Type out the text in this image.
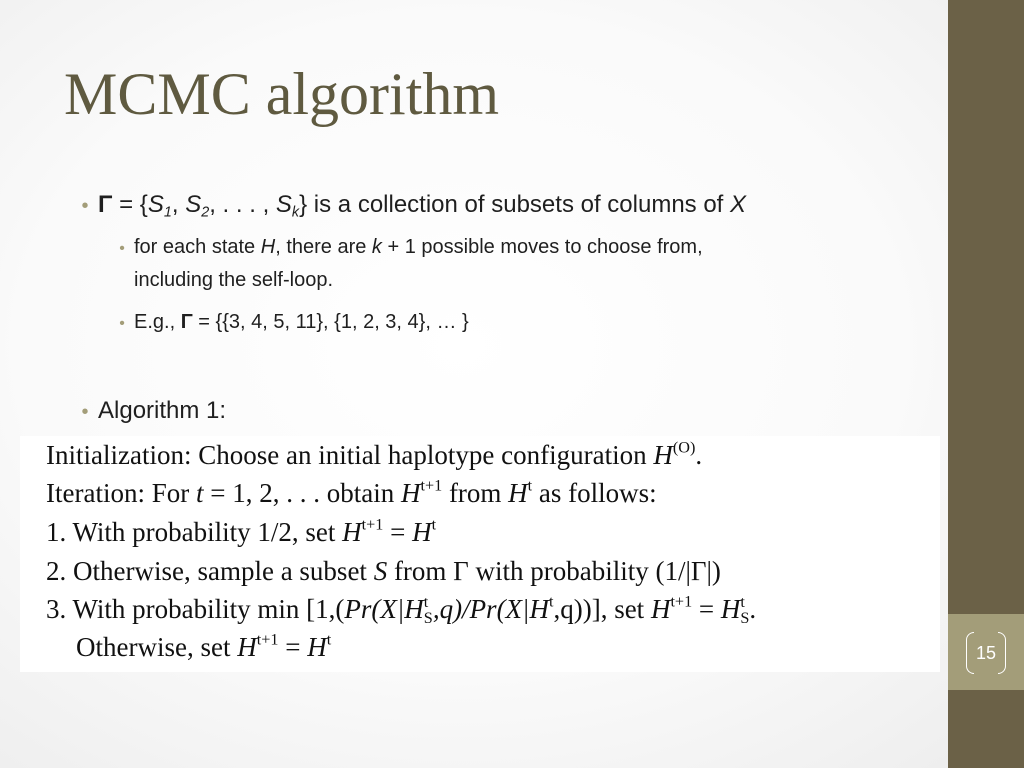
15
MCMC algorithm
• $\Gamma = \{S_1$, $S_2$, . . . , $S_k$} is a collection of subsets of columns of X
• for each state H, there are k + 1 possible moves to choose from,
including the self-loop.
• E.g., Γ = {{3, 4, 5, 11}, {1, 2, 3, 4}, … }
• Algorithm 1:
Initialization: Choose an initial haplotype configuration $H^{(O)}$.
Iteration: For t = 1, 2, . . . obtain $H^{t+1}$ from $H^t$ as follows:
1. With probability 1/2, set $H^{t+1} = H^t$
2. Otherwise, sample a subset S from Γ with probability (1/|Γ|)
3. With probability min [1,(Pr(X|H t
S $,q)/Pr(X|H^t,q)$)], set $H^{t+1} = H$ t
S .
Otherwise, set $H^{t+1} = H^t$
